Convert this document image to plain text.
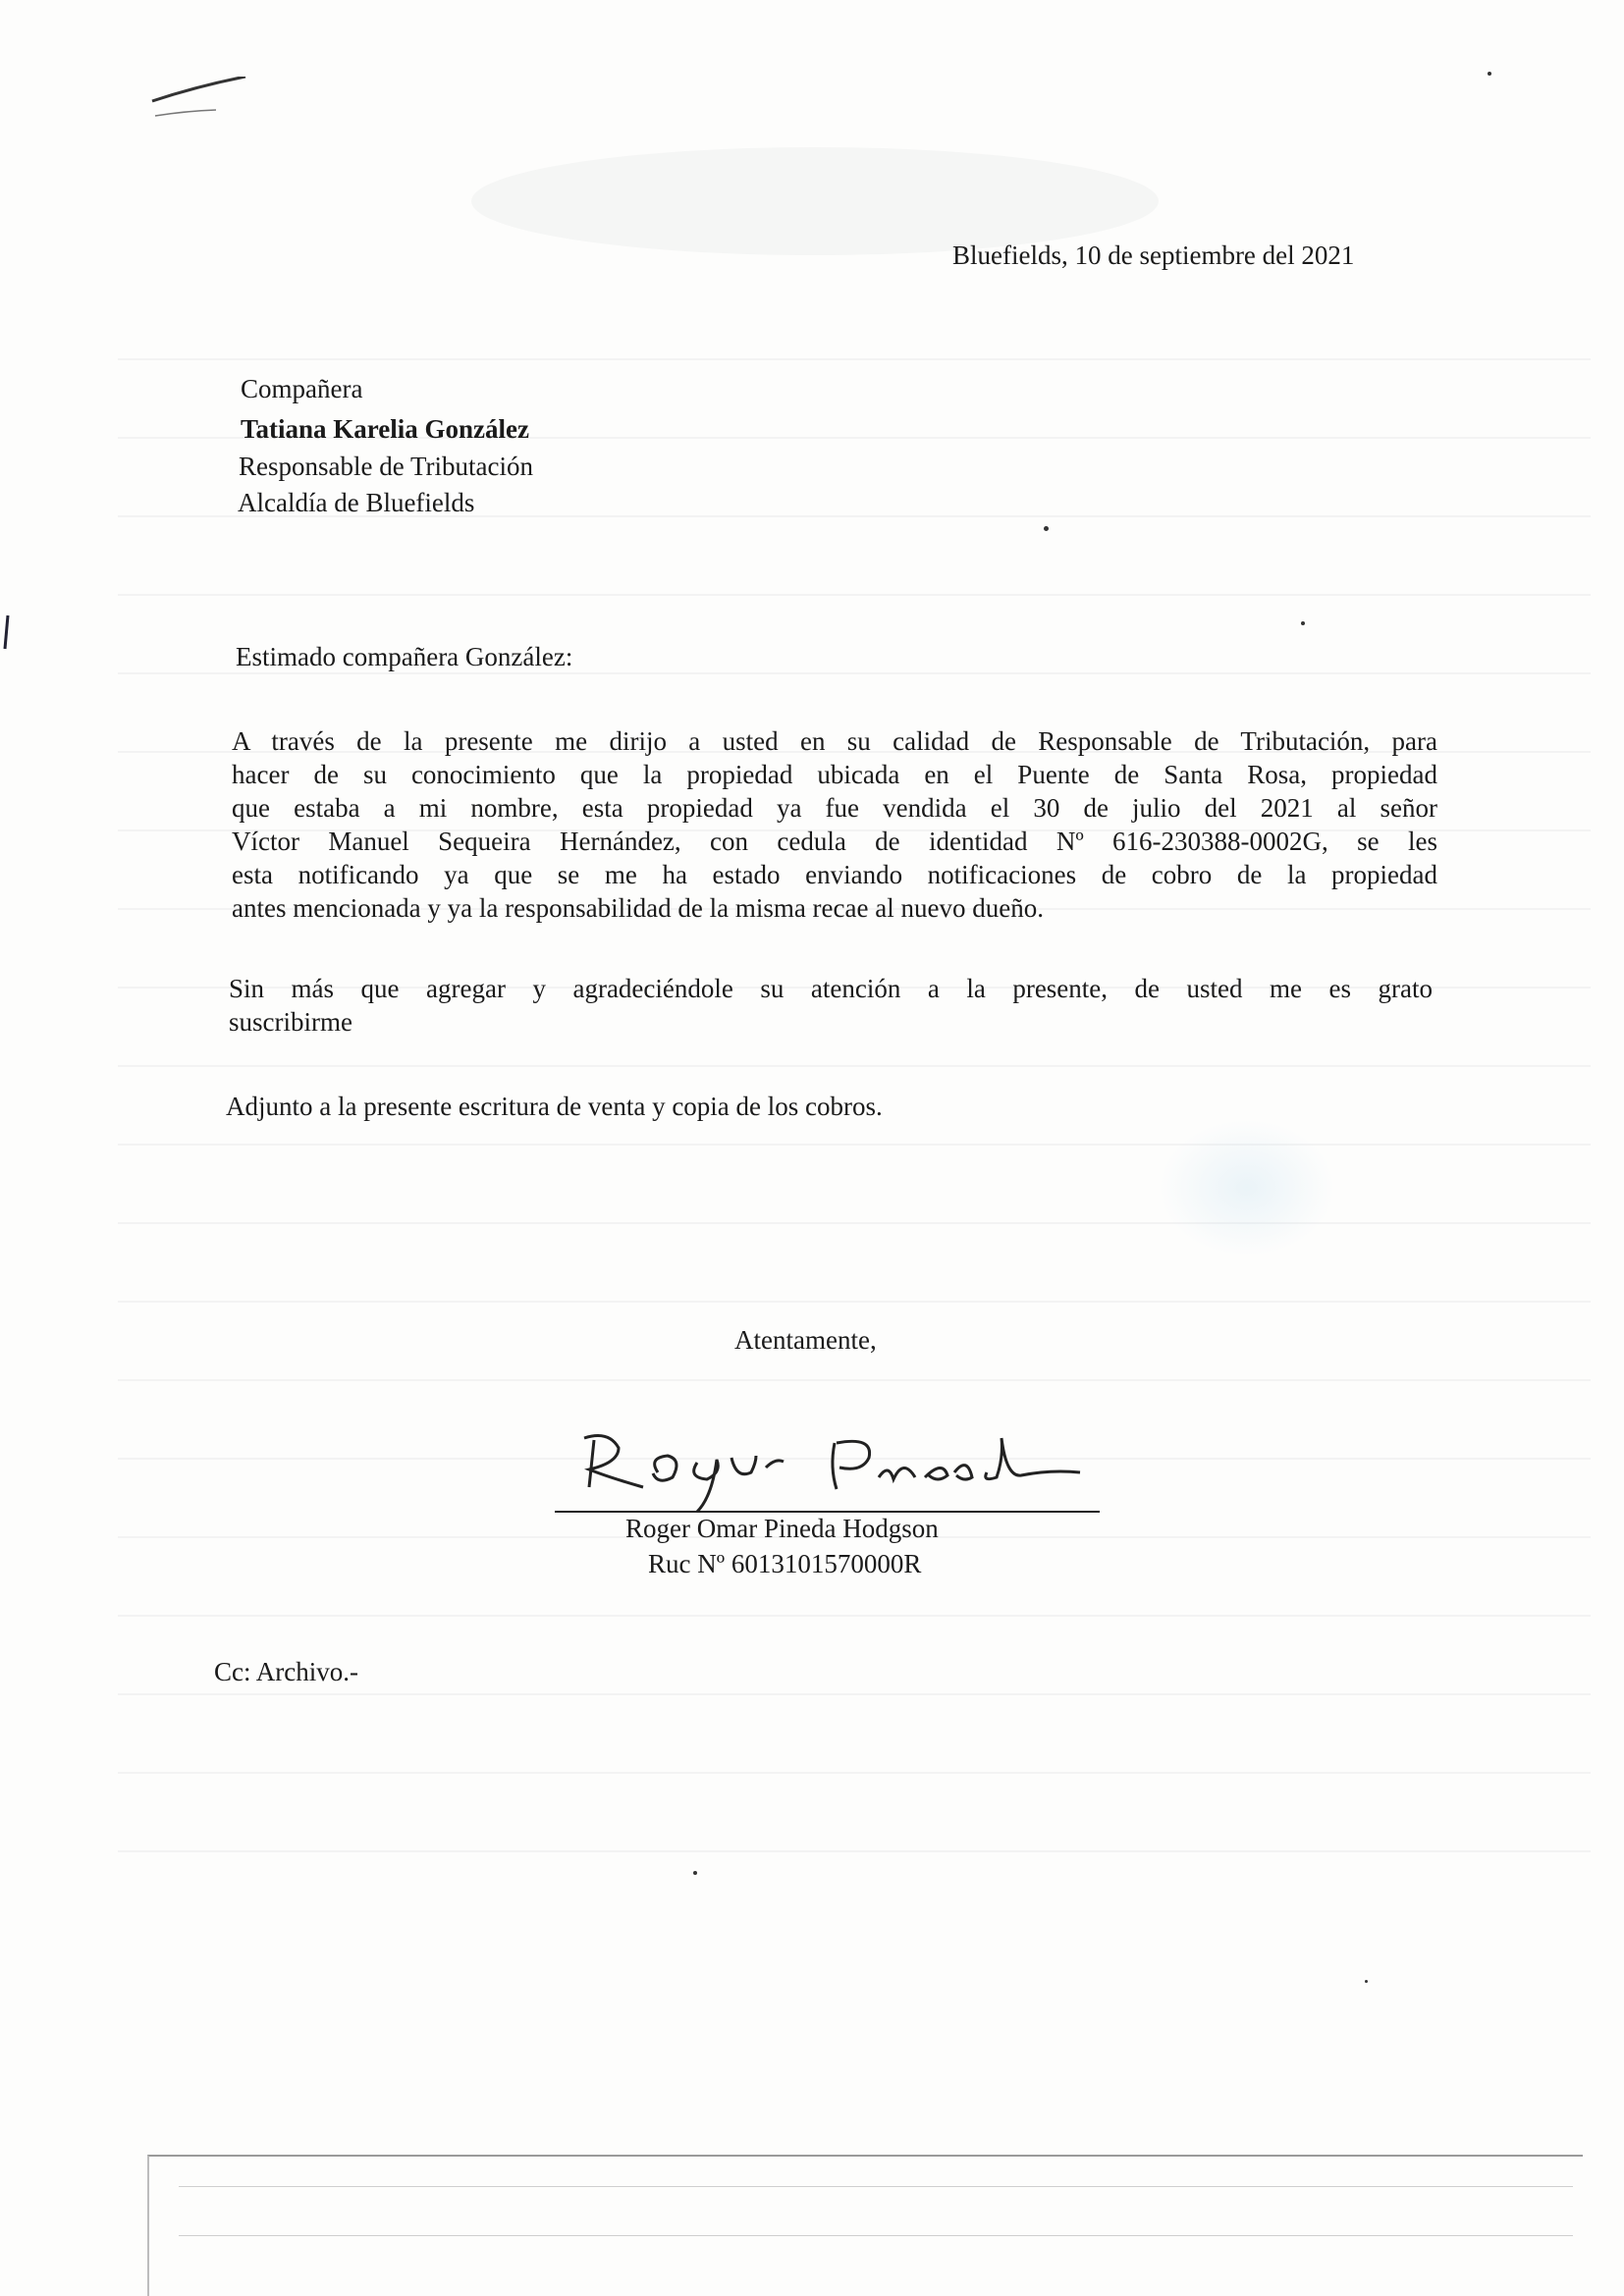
Bluefields, 10 de septiembre del 2021
Compañera
Tatiana Karelia González
Responsable de Tributación
Alcaldía de Bluefields
Estimado compañera González:
A través de la presente me dirijo a usted en su calidad de Responsable de Tributación, para
hacer de su conocimiento que la propiedad ubicada en el Puente de Santa Rosa, propiedad
que estaba a mi nombre, esta propiedad ya fue vendida el 30 de julio del 2021 al señor
Víctor Manuel Sequeira Hernández, con cedula de identidad Nº 616-230388-0002G, se les
esta notificando ya que se me ha estado enviando notificaciones de cobro de la propiedad
antes mencionada y ya la responsabilidad de la misma recae al nuevo dueño.
Sin más que agregar y agradeciéndole su atención a la presente, de usted me es grato
suscribirme
Adjunto a la presente escritura de venta y copia de los cobros.
Atentamente,
Roger Omar Pineda Hodgson
Ruc Nº 6013101570000R
Cc: Archivo.-
